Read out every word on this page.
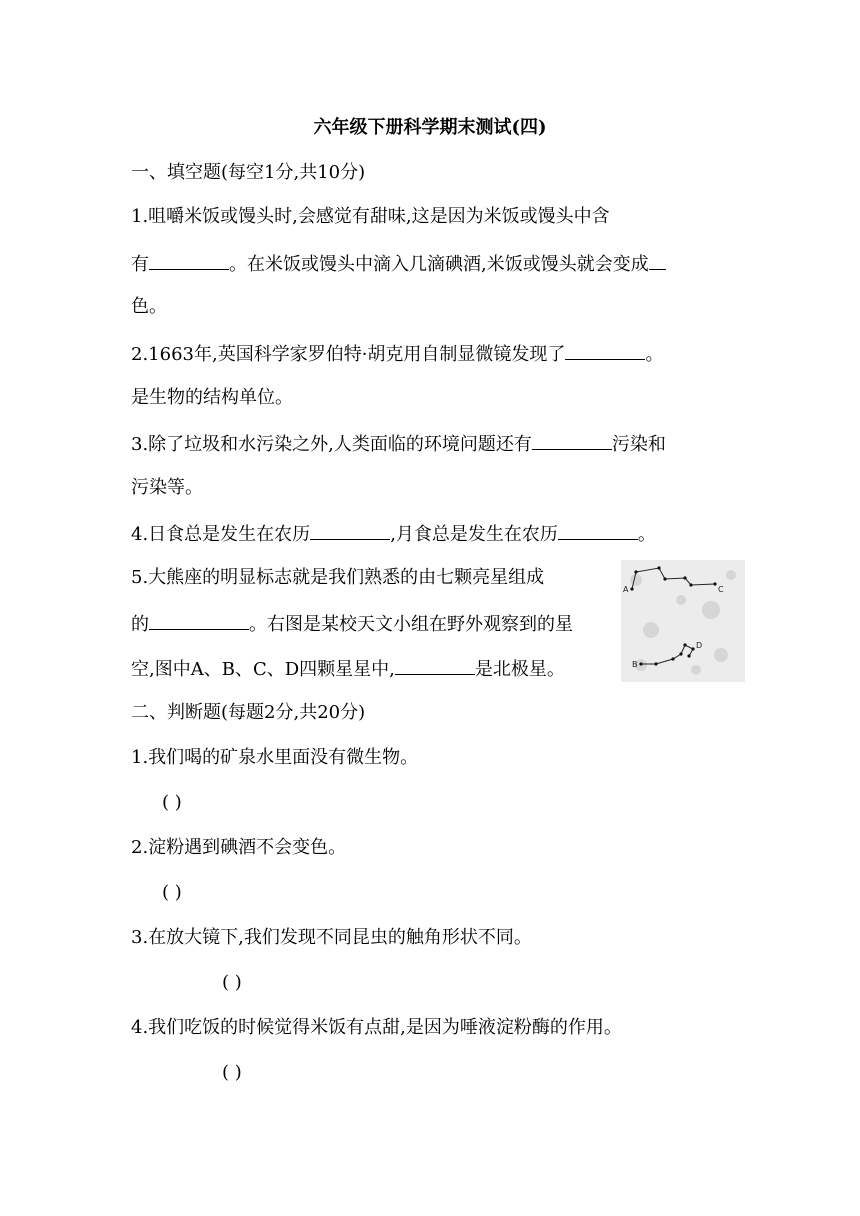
六年级下册科学期末测试(四)
一、填空题(每空1分,共10分)
1.咀嚼米饭或馒头时,会感觉有甜味,这是因为米饭或馒头中含
有	。在米饭或馒头中滴入几滴碘酒,米饭或馒头就会变成
色。
2.1663年,英国科学家罗伯特·胡克用自制显微镜发现了	。
是生物的结构单位。
3.除了垃圾和水污染之外,人类面临的环境问题还有	污染和
污染等。
4.日食总是发生在农历	,月食总是发生在农历	。
5.大熊座的明显标志就是我们熟悉的由七颗亮星组成
的	。右图是某校天文小组在野外观察到的星
空,图中A、B、C、D四颗星星中,	是北极星。
A
B
C
D
二、判断题(每题2分,共20分)
1.我们喝的矿泉水里面没有微生物。
( )
2.淀粉遇到碘酒不会变色。
( )
3.在放大镜下,我们发现不同昆虫的触角形状不同。
( )
4.我们吃饭的时候觉得米饭有点甜,是因为唾液淀粉酶的作用。
( )
